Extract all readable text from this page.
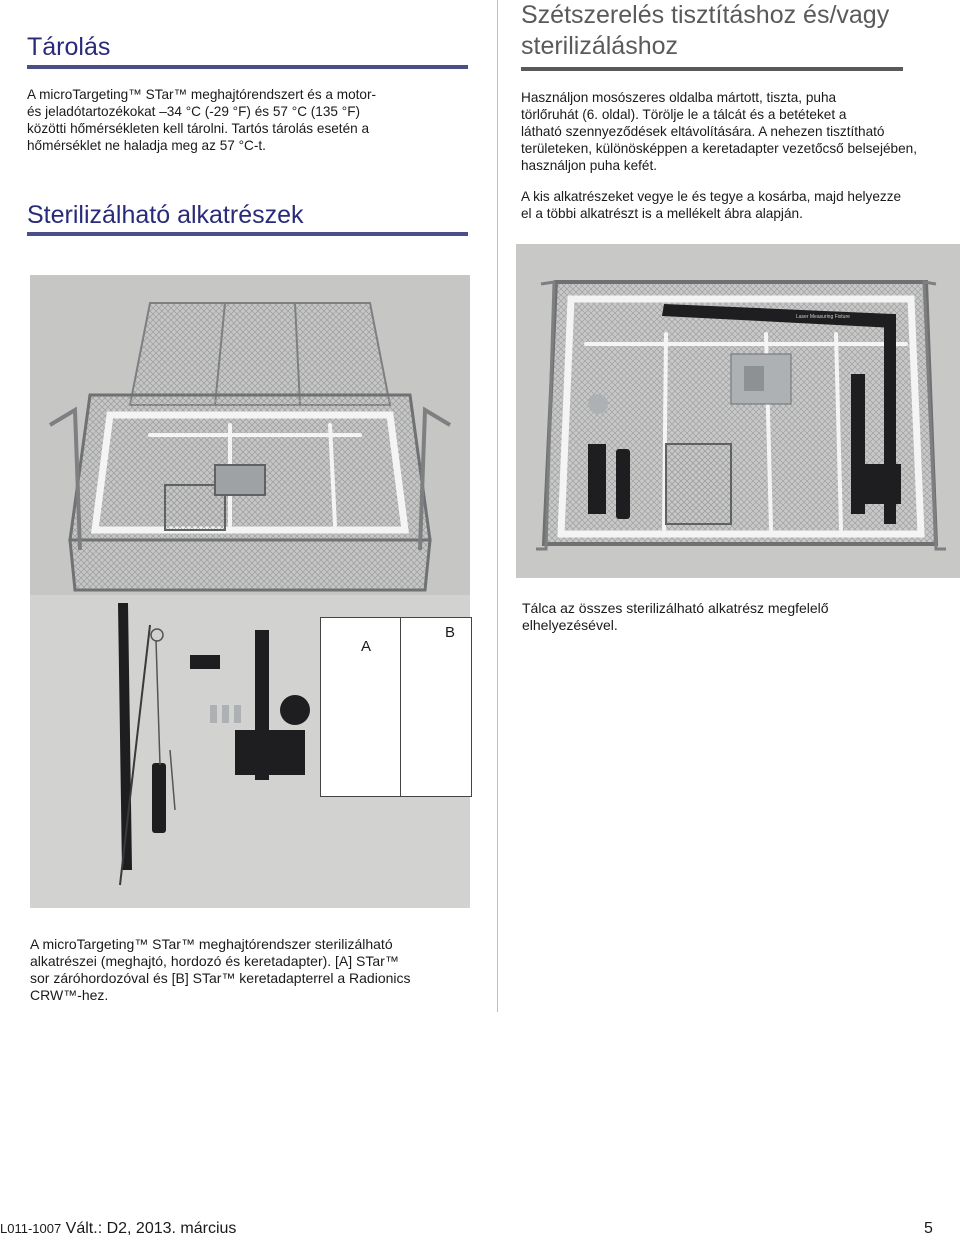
Tárolás
A microTargeting™ STar™ meghajtórendszert és a motor-
és jeladótartozékokat –34 °C (-29 °F) és 57 °C (135 °F)
közötti hőmérsékleten kell tárolni. Tartós tárolás esetén a
hőmérséklet ne haladja meg az 57 °C-t.
Sterilizálható alkatrészek
A
B
A microTargeting™ STar™ meghajtórendszer sterilizálható
alkatrészei (meghajtó, hordozó és keretadapter). [A] STar™
sor záróhordozóval és [B] STar™ keretadapterrel a Radionics
CRW™-hez.
Szétszerelés tisztításhoz és/vagy
sterilizáláshoz
Használjon mosószeres oldalba mártott, tiszta, puha
törlőruhát (6. oldal). Törölje le a tálcát és a betéteket a
látható szennyeződések eltávolítására. A nehezen tisztítható
területeken, különösképpen a keretadapter vezetőcső belsejében,
használjon puha kefét.
A kis alkatrészeket vegye le és tegye a kosárba, majd helyezze
el a többi alkatrészt is a mellékelt ábra alapján.
Laser Measuring Fixture
Tálca az összes sterilizálható alkatrész megfelelő
elhelyezésével.
L011-1007 Vált.: D2, 2013. március	5
